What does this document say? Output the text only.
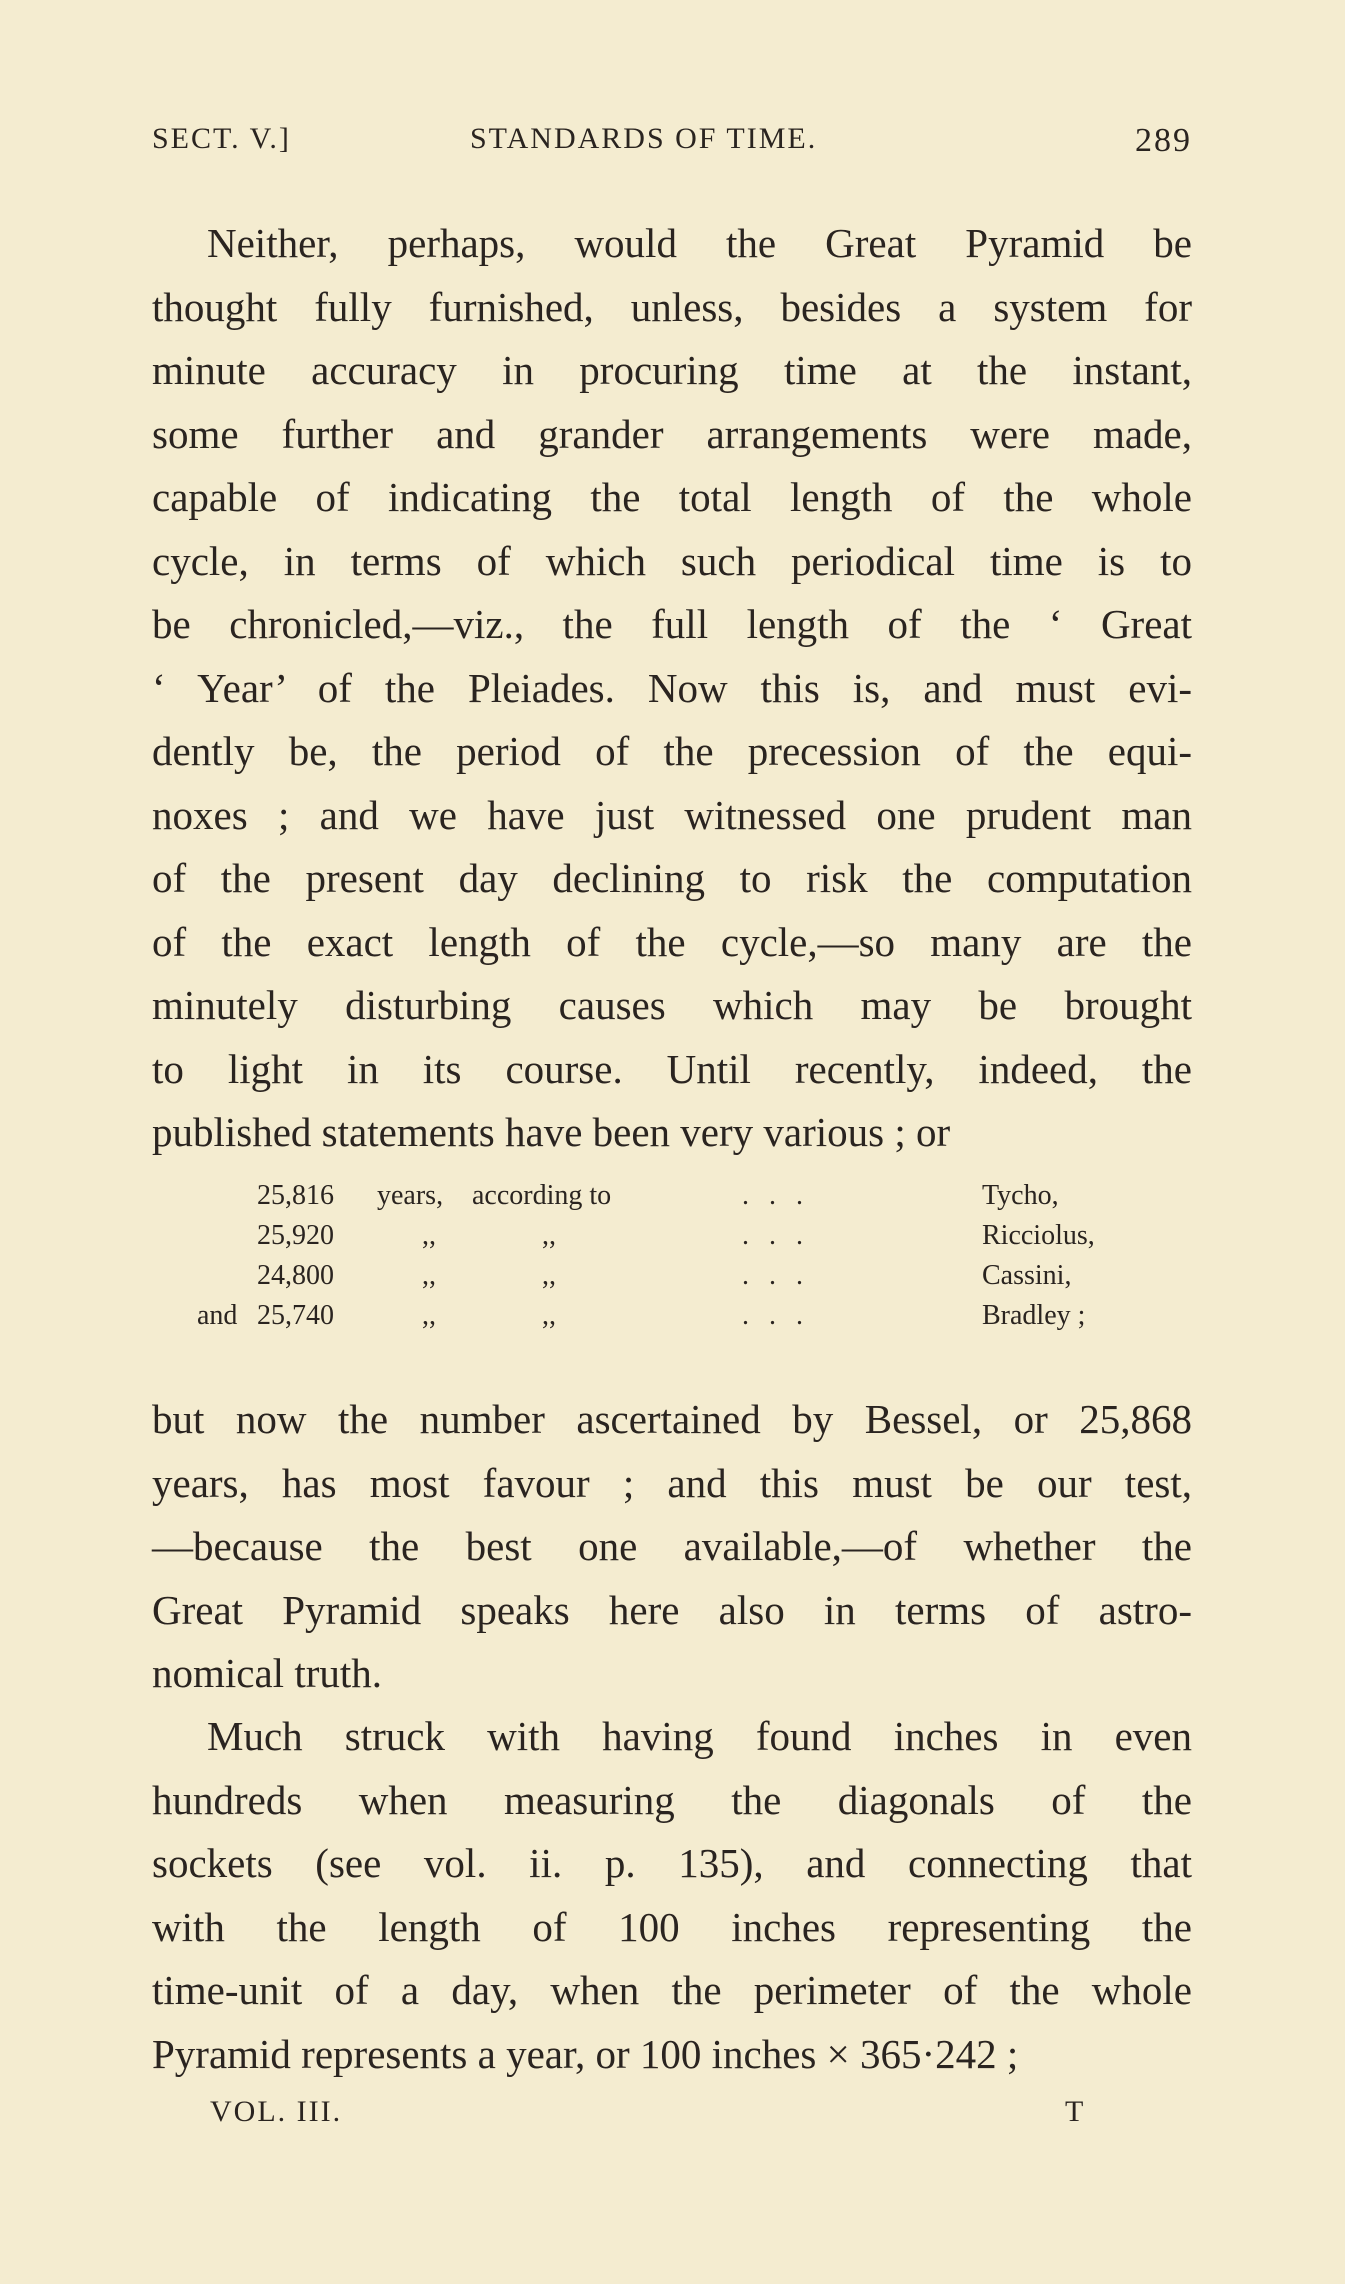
SECT. V.]	STANDARDS OF TIME.	289
Neither, perhaps, would the Great Pyramid be
thought fully furnished, unless, besides a system for
minute accuracy in procuring time at the instant,
some further and grander arrangements were made,
capable of indicating the total length of the whole
cycle, in terms of which such periodical time is to
be chronicled,—viz., the full length of the ‘ Great
‘ Year’ of the Pleiades. Now this is, and must evi-
dently be, the period of the precession of the equi-
noxes ; and we have just witnessed one prudent man
of the present day declining to risk the computation
of the exact length of the cycle,—so many are the
minutely disturbing causes which may be brought
to light in its course. Until recently, indeed, the
published statements have been very various ; or
25,816 years, according to	...	Tycho,
25,920	,,	,,	...	Ricciolus,
24,800	,,	,,	...	Cassini,
and 25,740	,,	,,	...	Bradley ;
but now the number ascertained by Bessel, or 25,868
years, has most favour ; and this must be our test,
—because the best one available,—of whether the
Great Pyramid speaks here also in terms of astro-
nomical truth.
Much struck with having found inches in even
hundreds when measuring the diagonals of the
sockets (see vol. ii. p. 135), and connecting that
with the length of 100 inches representing the
time-unit of a day, when the perimeter of the whole
Pyramid represents a year, or 100 inches × 365·242 ;
VOL. III.	T
